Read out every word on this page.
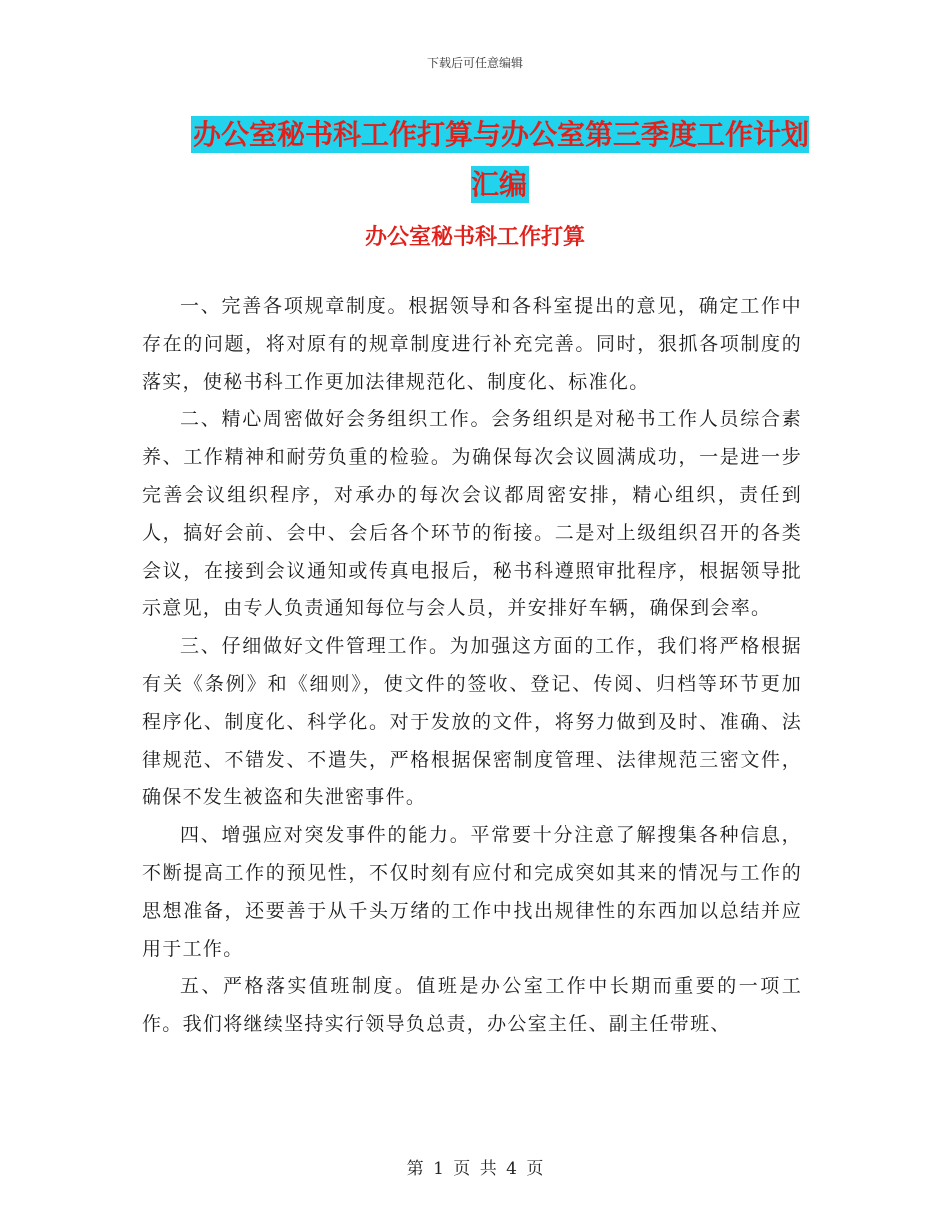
下载后可任意编辑
办公室秘书科工作打算与办公室第三季度工作计划汇编
办公室秘书科工作打算

一、完善各项规章制度。根据领导和各科室提出的意见，确定工作中存在的问题，将对原有的规章制度进行补充完善。同时，狠抓各项制度的落实，使秘书科工作更加法律规范化、制度化、标准化。

二、精心周密做好会务组织工作。会务组织是对秘书工作人员综合素养、工作精神和耐劳负重的检验。为确保每次会议圆满成功，一是进一步完善会议组织程序，对承办的每次会议都周密安排，精心组织，责任到人，搞好会前、会中、会后各个环节的衔接。二是对上级组织召开的各类会议，在接到会议通知或传真电报后，秘书科遵照审批程序，根据领导批示意见，由专人负责通知每位与会人员，并安排好车辆，确保到会率。

三、仔细做好文件管理工作。为加强这方面的工作，我们将严格根据有关《条例》和《细则》，使文件的签收、登记、传阅、归档等环节更加程序化、制度化、科学化。对于发放的文件，将努力做到及时、准确、法律规范、不错发、不遣失，严格根据保密制度管理、法律规范三密文件，确保不发生被盗和失泄密事件。

四、增强应对突发事件的能力。平常要十分注意了解搜集各种信息，不断提高工作的预见性，不仅时刻有应付和完成突如其来的情况与工作的思想准备，还要善于从千头万绪的工作中找出规律性的东西加以总结并应用于工作。

五、严格落实值班制度。值班是办公室工作中长期而重要的一项工作。我们将继续坚持实行领导负总责，办公室主任、副主任带班、

第 1 页 共 4 页
